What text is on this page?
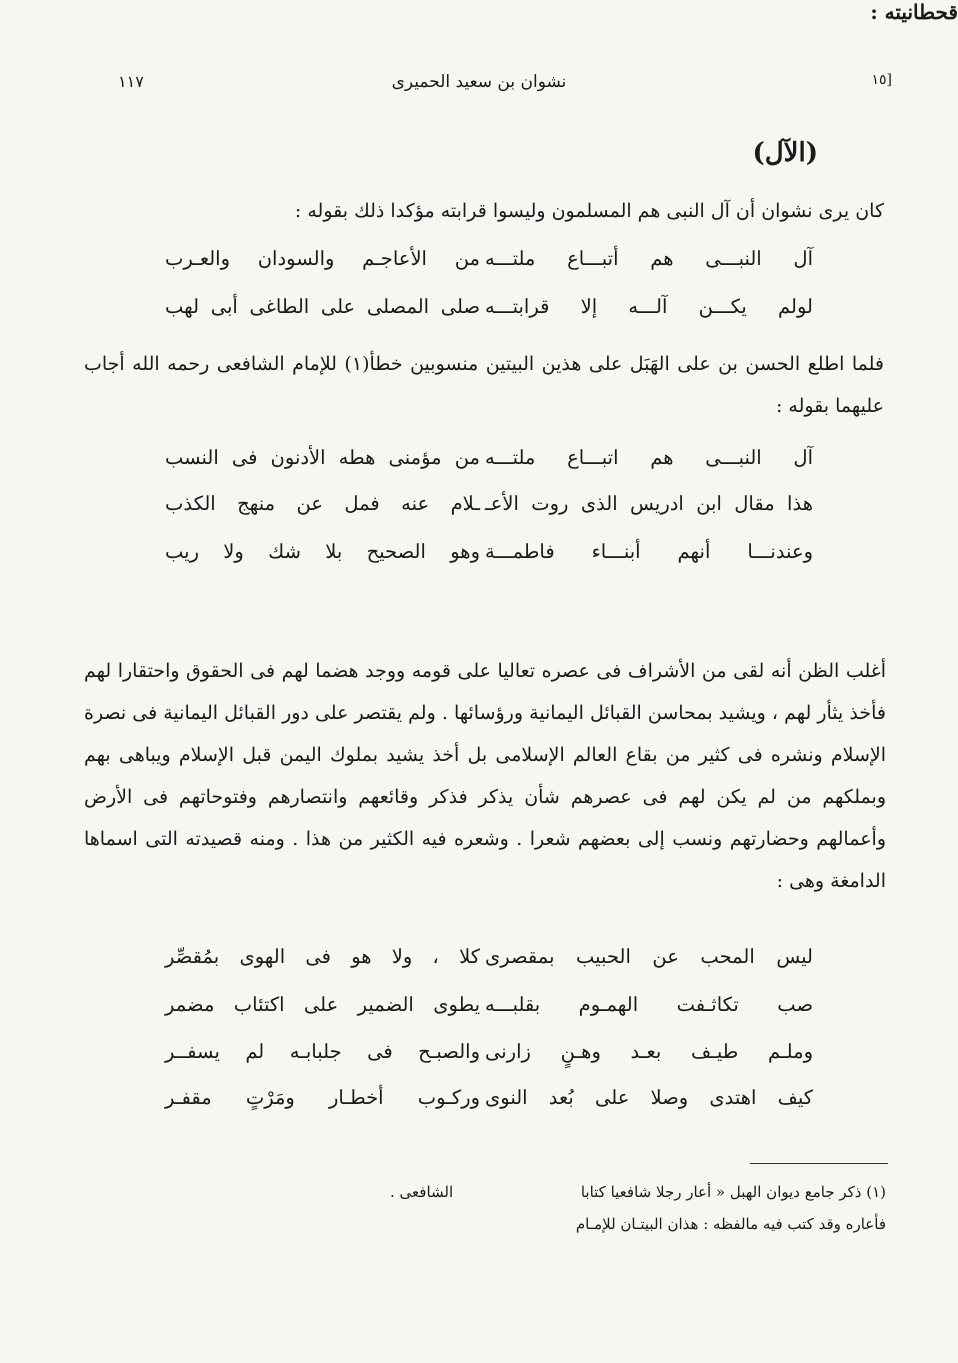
١١٧	نشوان بن سعيد الحميرى	[١٥
(الآل)
كان يرى نشوان أن آل النبى هم المسلمون وليسوا قرابته مؤكدا ذلك بقوله :
آل النبـــى هم أتبـــاع ملتـــه
من الأعاجـم والسودان والعـرب
لولم يكـــن آلـــه إلا قرابتـــه
صلى المصلى على الطاغى أبى لهب
فلما اطلع الحسن بن على الهَبَل على هذين البيتين منسوبين خطأ(١) للإمام الشافعى رحمه الله أجاب عليهما بقوله :
آل النبـــى هم اتبـــاع ملتـــه
من مؤمنى هطه الأدنون فى النسب
هذا مقال ابن ادريس الذى روت الأعـ
ـلام عنه فمل عن منهج الكذب
وعندنـــا أنهم أبنـــاء فاطمـــة
وهو الصحيح بلا شك ولا ريب
قحطانيته :
أغلب الظن أنه لقى من الأشراف فى عصره تعاليا على قومه ووجد هضما لهم فى الحقوق واحتقارا لهم فأخذ يثأر لهم ، ويشيد بمحاسن القبائل اليمانية ورؤسائها . ولم يقتصر على دور القبائل اليمانية فى نصرة الإسلام ونشره فى كثير من بقاع العالم الإسلامى بل أخذ يشيد بملوك اليمن قبل الإسلام ويباهى بهم وبملكهم من لم يكن لهم فى عصرهم شأن يذكر فذكر وقائعهم وانتصارهم وفتوحاتهم فى الأرض وأعمالهم وحضارتهم ونسب إلى بعضهم شعرا . وشعره فيه الكثير من هذا . ومنه قصيدته التى اسماها الدامغة وهى :
ليس المحب عن الحبيب بمقصرى
كلا ، ولا هو فى الهوى بمُقصِّر
صب تكاثـفت الهمـوم بقلبـــه
يطوى الضمير على اكتئاب مضمر
وملـم طيـف بعـد وهـنٍ زارنى
والصبـح فى جلبابـه لم يسفــر
كيف اهتدى وصلا على بُعد النوى
وركـوب أخطـار ومَرْتٍ مقفـر
(١) ذكر جامع ديوان الهبل « أعار رجلا شافعيا كتابا
الشافعى .
فأعاره وقد كتب فيه مالفظه : هذان البيتـان للإمـام
